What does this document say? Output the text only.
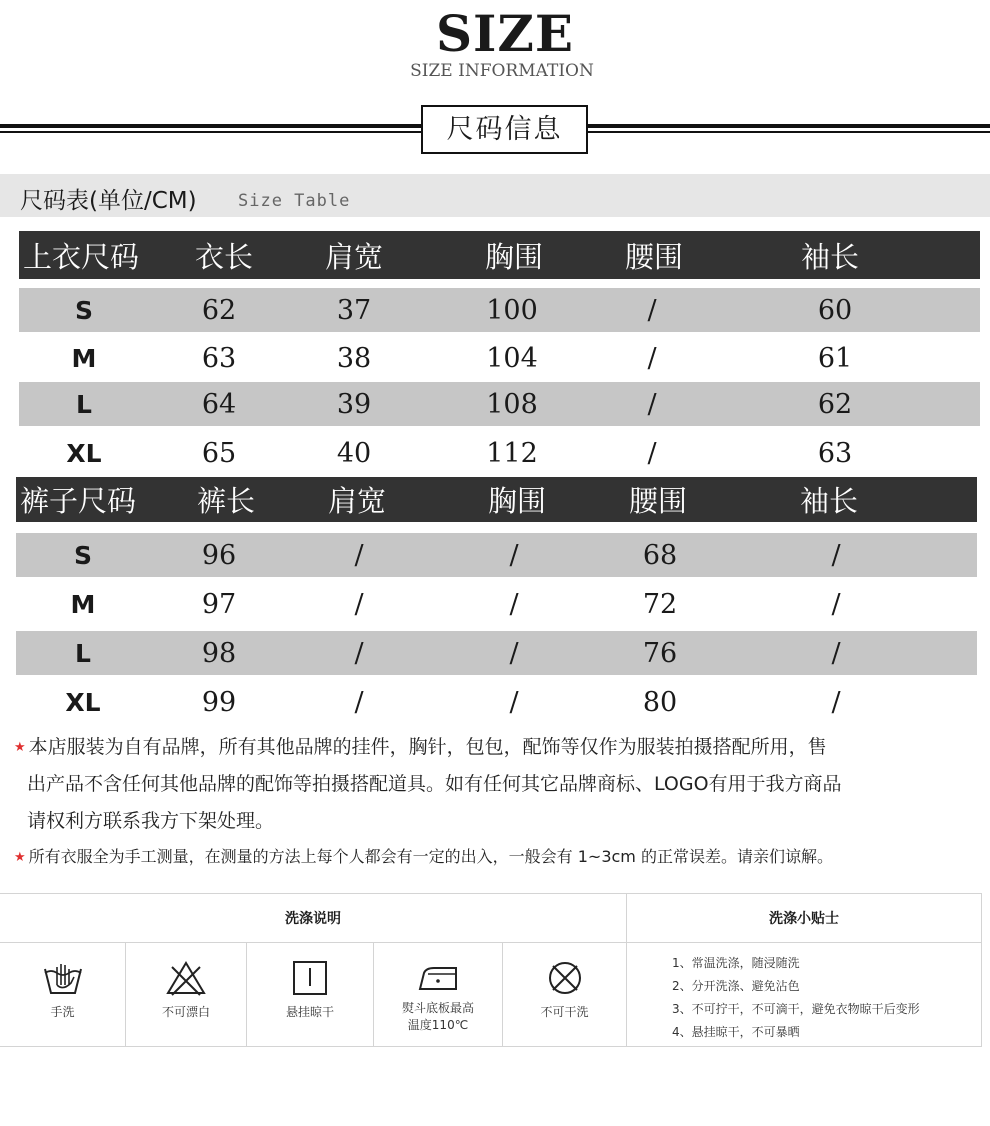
SIZE
SIZE INFORMATION
尺码信息
尺码表(单位/CM) Size Table
上衣尺码	衣长	肩宽	胸围	腰围	袖长
S	62	37	100	/	60
M	63	38	104	/	61
L	64	39	108	/	62
XL	65	40	112	/	63
裤子尺码	裤长	肩宽	胸围	腰围	袖长
S	96	/	/	68	/
M	97	/	/	72	/
L	98	/	/	76	/
XL	99	/	/	80	/
★ 本店服装为自有品牌，所有其他品牌的挂件，胸针，包包，配饰等仅作为服装拍摄搭配所用，售
出产品不含任何其他品牌的配饰等拍摄搭配道具。如有任何其它品牌商标、LOGO有用于我方商品
请权利方联系我方下架处理。
★ 所有衣服全为手工测量，在测量的方法上每个人都会有一定的出入，一般会有 1~3cm 的正常误差。请亲们谅解。
洗涤说明	洗涤小贴士
手洗	不可漂白	悬挂晾干	熨斗底板最高
温度110℃
不可干洗
1、常温洗涤，随浸随洗
2、分开洗涤、避免沾色
3、不可拧干，不可滴干，避免衣物晾干后变形
4、悬挂晾干，不可暴晒
